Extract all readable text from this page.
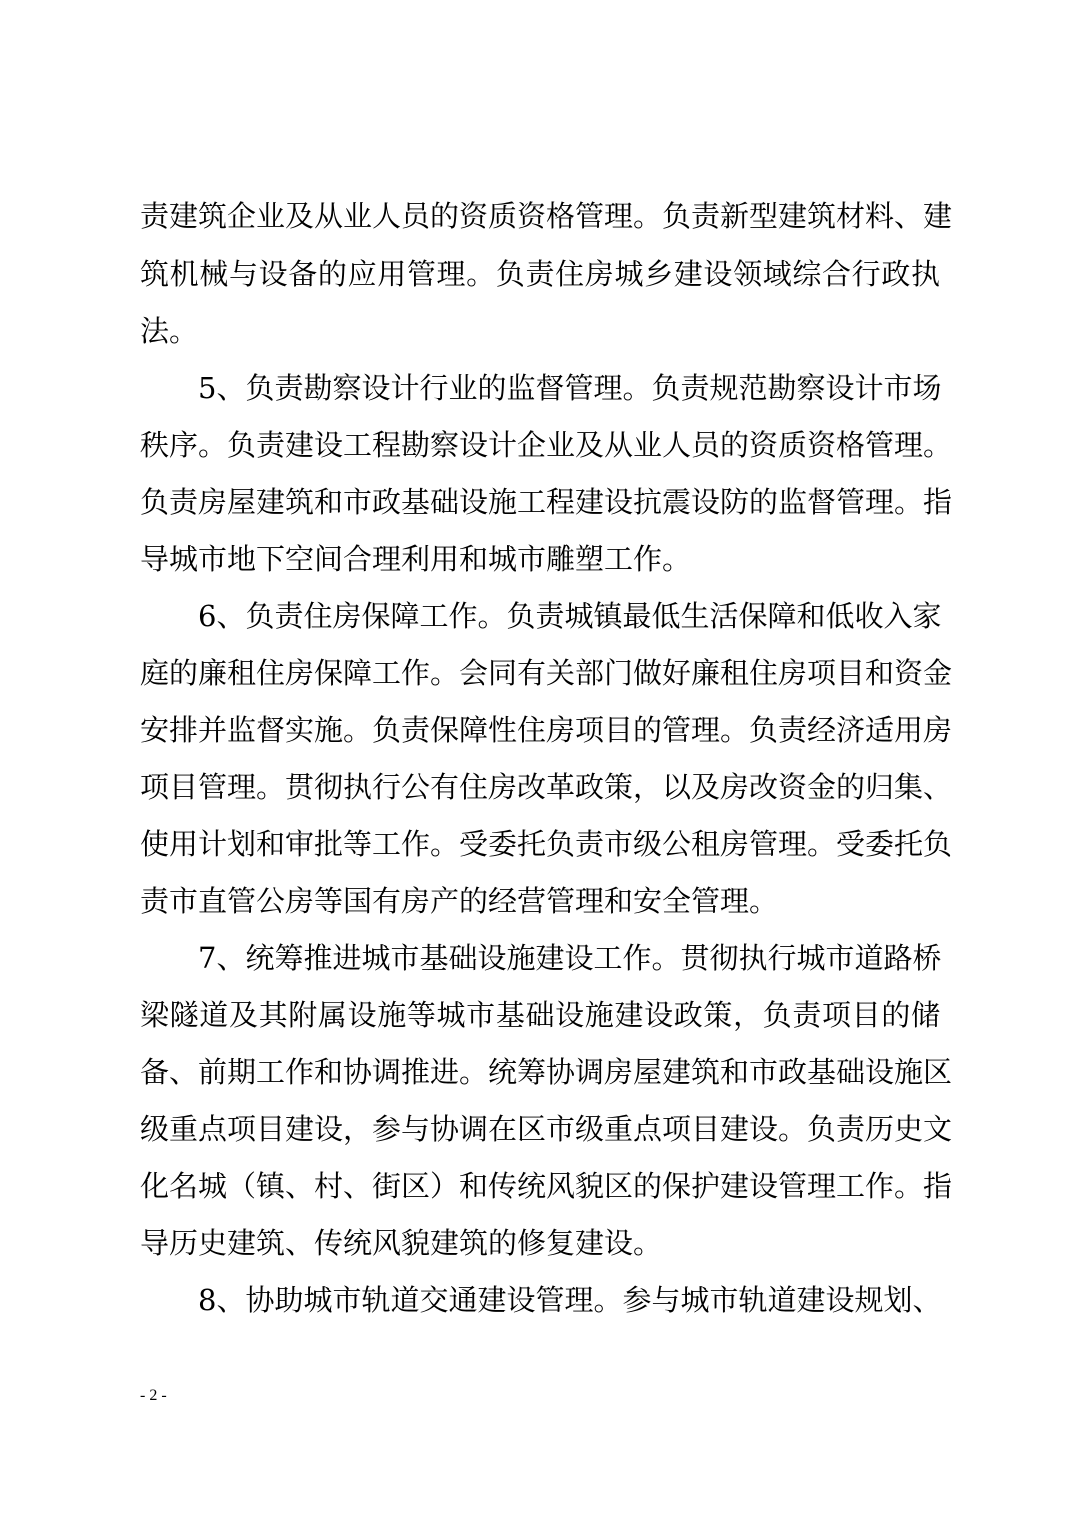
责建筑企业及从业人员的资质资格管理。负责新型建筑材料、建
筑机械与设备的应用管理。负责住房城乡建设领域综合行政执
法。
　　5、负责勘察设计行业的监督管理。负责规范勘察设计市场
秩序。负责建设工程勘察设计企业及从业人员的资质资格管理。
负责房屋建筑和市政基础设施工程建设抗震设防的监督管理。指
导城市地下空间合理利用和城市雕塑工作。
　　6、负责住房保障工作。负责城镇最低生活保障和低收入家
庭的廉租住房保障工作。会同有关部门做好廉租住房项目和资金
安排并监督实施。负责保障性住房项目的管理。负责经济适用房
项目管理。贯彻执行公有住房改革政策，以及房改资金的归集、
使用计划和审批等工作。受委托负责市级公租房管理。受委托负
责市直管公房等国有房产的经营管理和安全管理。
　　7、统筹推进城市基础设施建设工作。贯彻执行城市道路桥
梁隧道及其附属设施等城市基础设施建设政策，负责项目的储
备、前期工作和协调推进。统筹协调房屋建筑和市政基础设施区
级重点项目建设，参与协调在区市级重点项目建设。负责历史文
化名城（镇、村、街区）和传统风貌区的保护建设管理工作。指
导历史建筑、传统风貌建筑的修复建设。
　　8、协助城市轨道交通建设管理。参与城市轨道建设规划、
- 2 -
